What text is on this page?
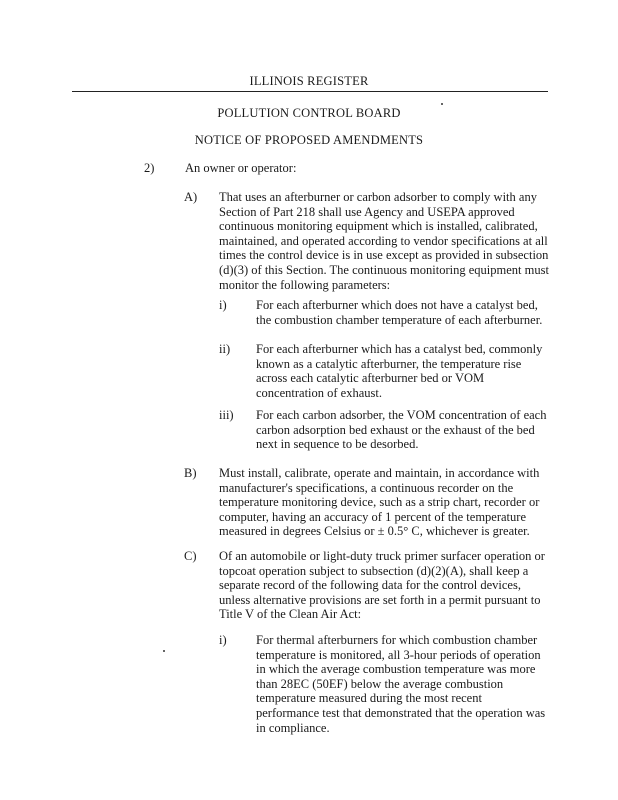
ILLINOIS REGISTER
POLLUTION CONTROL BOARD
NOTICE OF PROPOSED AMENDMENTS
2) An owner or operator:
A) That uses an afterburner or carbon adsorber to comply with any Section of Part 218 shall use Agency and USEPA approved continuous monitoring equipment which is installed, calibrated, maintained, and operated according to vendor specifications at all times the control device is in use except as provided in subsection (d)(3) of this Section. The continuous monitoring equipment must monitor the following parameters:
i) For each afterburner which does not have a catalyst bed, the combustion chamber temperature of each afterburner.
ii) For each afterburner which has a catalyst bed, commonly known as a catalytic afterburner, the temperature rise across each catalytic afterburner bed or VOM concentration of exhaust.
iii) For each carbon adsorber, the VOM concentration of each carbon adsorption bed exhaust or the exhaust of the bed next in sequence to be desorbed.
B) Must install, calibrate, operate and maintain, in accordance with manufacturer's specifications, a continuous recorder on the temperature monitoring device, such as a strip chart, recorder or computer, having an accuracy of 1 percent of the temperature measured in degrees Celsius or ± 0.5° C, whichever is greater.
C) Of an automobile or light-duty truck primer surfacer operation or topcoat operation subject to subsection (d)(2)(A), shall keep a separate record of the following data for the control devices, unless alternative provisions are set forth in a permit pursuant to Title V of the Clean Air Act:
i) For thermal afterburners for which combustion chamber temperature is monitored, all 3-hour periods of operation in which the average combustion temperature was more than 28EC (50EF) below the average combustion temperature measured during the most recent performance test that demonstrated that the operation was in compliance.
